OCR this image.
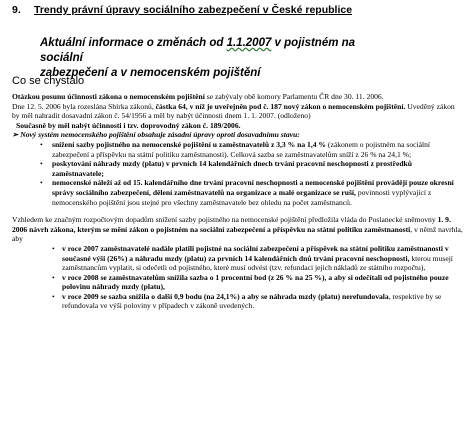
9. Trendy právní úpravy sociálního zabezpečení v České republice
Aktuální informace o změnách od 1.1.2007 v pojistném na sociální
zabezpečení a v nemocenském pojištění
Co se chystalo

Otázkou posunu účinnosti zákona o nemocenském pojištění se zabývaly obě komory Parlamentu ČR dne 30. 11. 2006.

Dne 12. 5. 2006 byla rozeslána Sbírka zákonů, částka 64, v níž je uveřejněn pod č. 187 nový zákon o nemocenském pojištění. Uveděný zákon by měl nahradit dosavadní zákon č. 54/1956 a měl by nabýt účinnosti dnem 1. 1. 2007. (odloženo)

Současně by měl nabýt účinnosti i tzv. doprovodný zákon č. 189/2006.

➢ Nový systém nemocenského pojištění obsahuje zásadní úpravy oproti dosavadnímu stavu:

• snížení sazby pojistného na nemocenské pojištění u zaměstnavatelů z 3,3 % na 1,4 % (zákonem o pojistném na sociální zabezpečení a příspěvku na státní politiku zaměstnanosti). Celková sazba se zaměstnavatelům sníží z 26 % na 24,1 %;
• poskytování náhrady mzdy (platu) v prvních 14 kalendářních dnech trvání pracovní neschopnosti z prostředků zaměstnavatele;
• nemocenské náleží až od 15. kalendářního dne trvání pracovní neschopnosti a nemocenské pojištění provádějí pouze okresní správy sociálního zabezpečení, dělení zaměstnavatelů na organizace a malé organizace se ruší, povinnosti vyplývající z nemocenského pojištění jsou stejné pro všechny zaměstnavatele bez ohledu na počet zaměstnanců.

Vzhledem ke značným rozpočtovým dopadům snížení sazby pojistného na nemocenské pojištění předložila vláda do Poslanecké sněmovny 1. 9. 2006 návrh zákona, kterým se mění zákon o pojistném na sociální zabezpečení a příspěvku na státní politiku zaměstnanosti, v němž navrhla, aby

• v roce 2007 zaměstnavatelé nadále platili pojistné na sociální zabezpečení a příspěvek na státní politiku zaměstnanosti v současné výši (26%) a náhradu mzdy (platu) za prvních 14 kalendářních dnů trvání pracovní neschopnosti, kterou musejí zaměstnancům vyplatit, si odečetli od pojistného, které musí odvést (tzv. refundaci jejich nákladů ze státního rozpočtu),
• v roce 2008 se zaměstnavatelům snížila sazba o 1 procentní bod (z 26 % na 25 %), a aby si odečítali od pojistného pouze polovinu náhrady mzdy (platu),
• v roce 2009 se sazba snížila o další 0,9 bodu (na 24,1%) a aby se náhrada mzdy (platu) nerefundovala, respektive by se refundovala ve výši poloviny v případech v zákoně uvedených.
